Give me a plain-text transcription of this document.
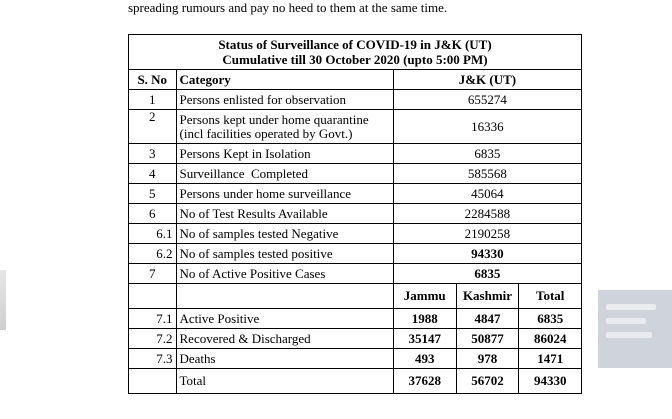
spreading rumours and pay no heed to them at the same time.
Status of Surveillance of COVID-19 in J&K (UT)
Cumulative till 30 October 2020 (upto 5:00 PM)				

S. No	Category	J&K (UT)		
1	Persons enlisted for observation	655274		
2	Persons kept under home quarantine (incl facilities operated by Govt.)	16336		
3	Persons Kept in Isolation	6835		
4	Surveillance  Completed	585568		
5	Persons under home surveillance	45064		
6	No of Test Results Available	2284588		
6.1	No of samples tested Negative	2190258		
6.2	No of samples tested positive	94330		
7	No of Active Positive Cases	6835		
		Jammu	Kashmir	Total
7.1	Active Positive	1988	4847	6835
7.2	Recovered & Discharged	35147	50877	86024
7.3	Deaths	493	978	1471
	Total	37628	56702	94330
